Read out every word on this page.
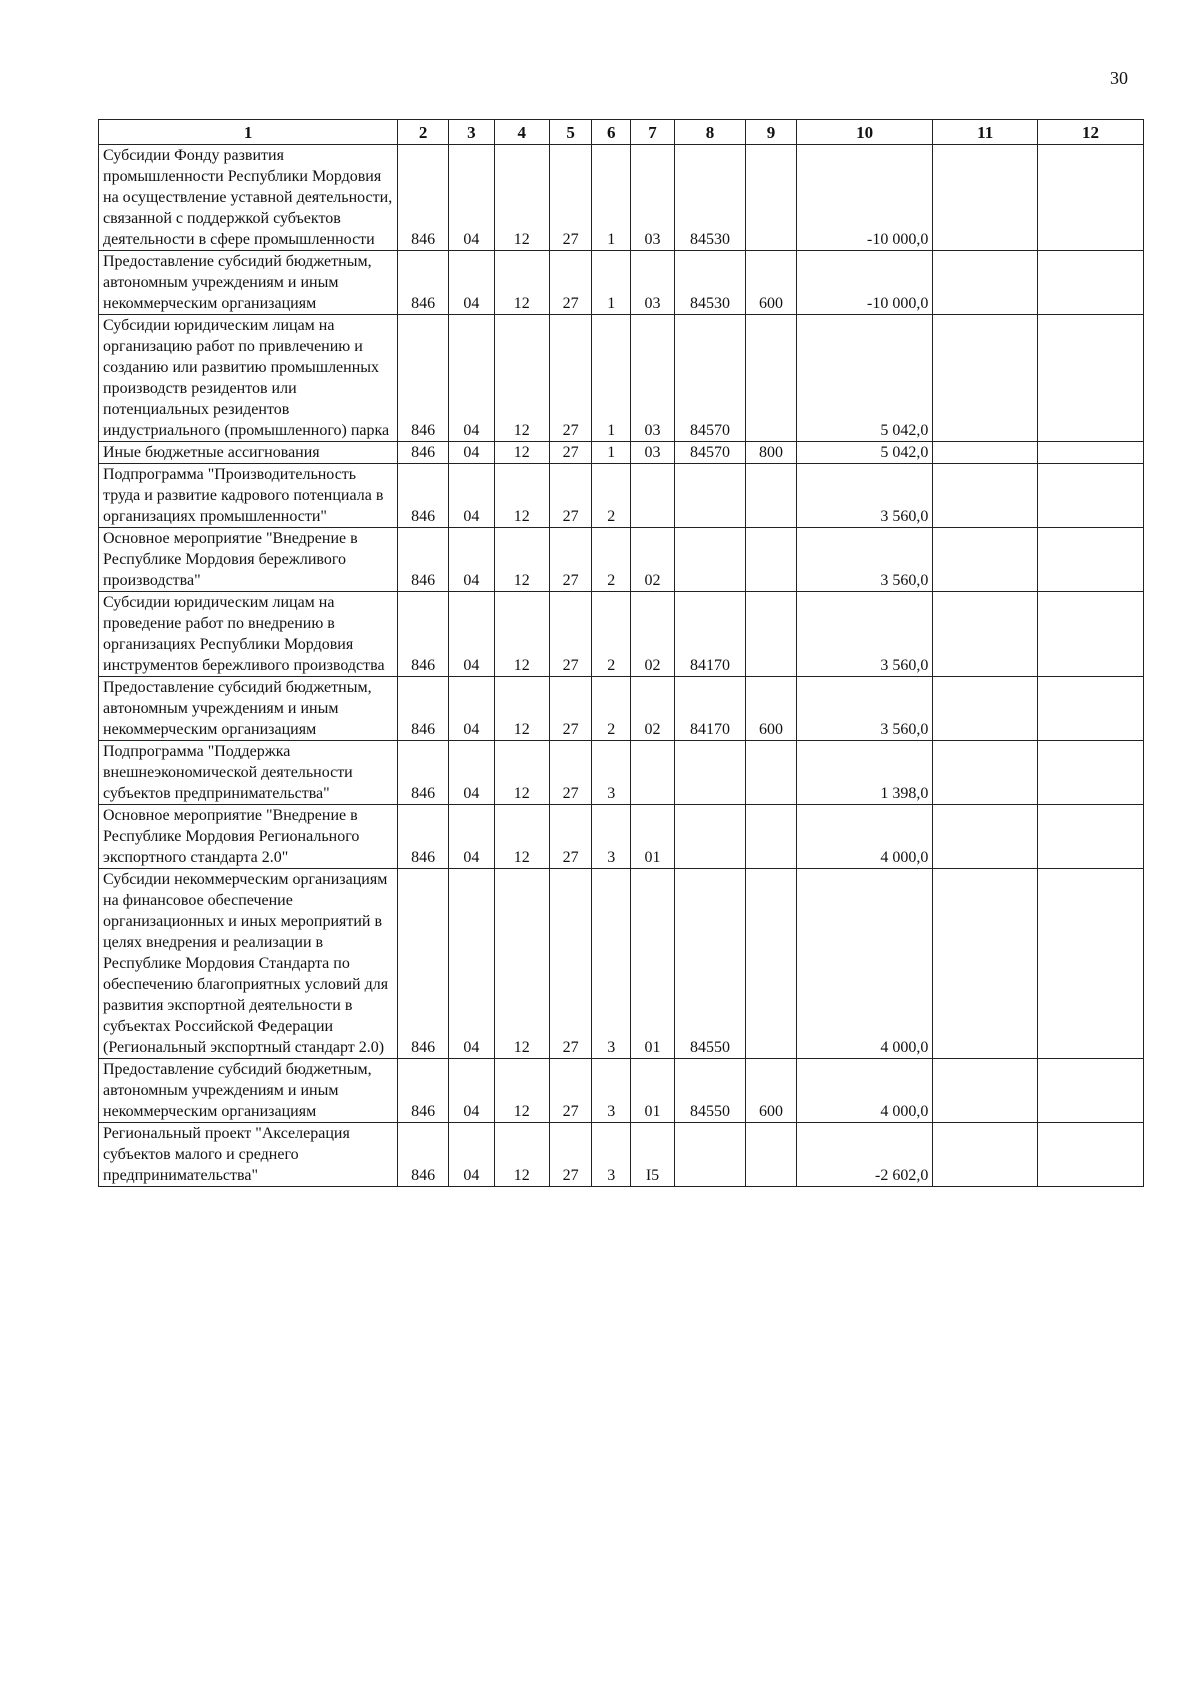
30
1	2	3	4	5	6	7	8	9	10	11	12
Субсидии Фонду развития промышленности Республики Мордовия на осуществление уставной деятельности, связанной с поддержкой субъектов деятельности в сфере промышленности	846	04	12	27	1	03	84530		-10 000,0		
Предоставление субсидий бюджетным, автономным учреждениям и иным некоммерческим организациям	846	04	12	27	1	03	84530	600	-10 000,0		
Субсидии юридическим лицам на организацию работ по привлечению и созданию или развитию промышленных производств резидентов или потенциальных резидентов индустриального (промышленного) парка	846	04	12	27	1	03	84570		5 042,0		
Иные бюджетные ассигнования	846	04	12	27	1	03	84570	800	5 042,0		
Подпрограмма "Производительность труда и развитие кадрового потенциала в организациях промышленности"	846	04	12	27	2				3 560,0		
Основное мероприятие "Внедрение в Республике Мордовия бережливого производства"	846	04	12	27	2	02			3 560,0		
Субсидии юридическим лицам на проведение работ по внедрению в организациях Республики Мордовия инструментов бережливого производства	846	04	12	27	2	02	84170		3 560,0		
Предоставление субсидий бюджетным, автономным учреждениям и иным некоммерческим организациям	846	04	12	27	2	02	84170	600	3 560,0		
Подпрограмма "Поддержка внешнеэкономической деятельности субъектов предпринимательства"	846	04	12	27	3				1 398,0		
Основное мероприятие "Внедрение в Республике Мордовия Регионального экспортного стандарта 2.0"	846	04	12	27	3	01			4 000,0		
Субсидии некоммерческим организациям на финансовое обеспечение организационных и иных мероприятий в целях внедрения и реализации в Республике Мордовия Стандарта по обеспечению благоприятных условий для развития экспортной деятельности в субъектах Российской Федерации (Региональный экспортный стандарт 2.0)	846	04	12	27	3	01	84550		4 000,0		
Предоставление субсидий бюджетным, автономным учреждениям и иным некоммерческим организациям	846	04	12	27	3	01	84550	600	4 000,0		
Региональный проект "Акселерация субъектов малого и среднего предпринимательства"	846	04	12	27	3	I5			-2 602,0		
